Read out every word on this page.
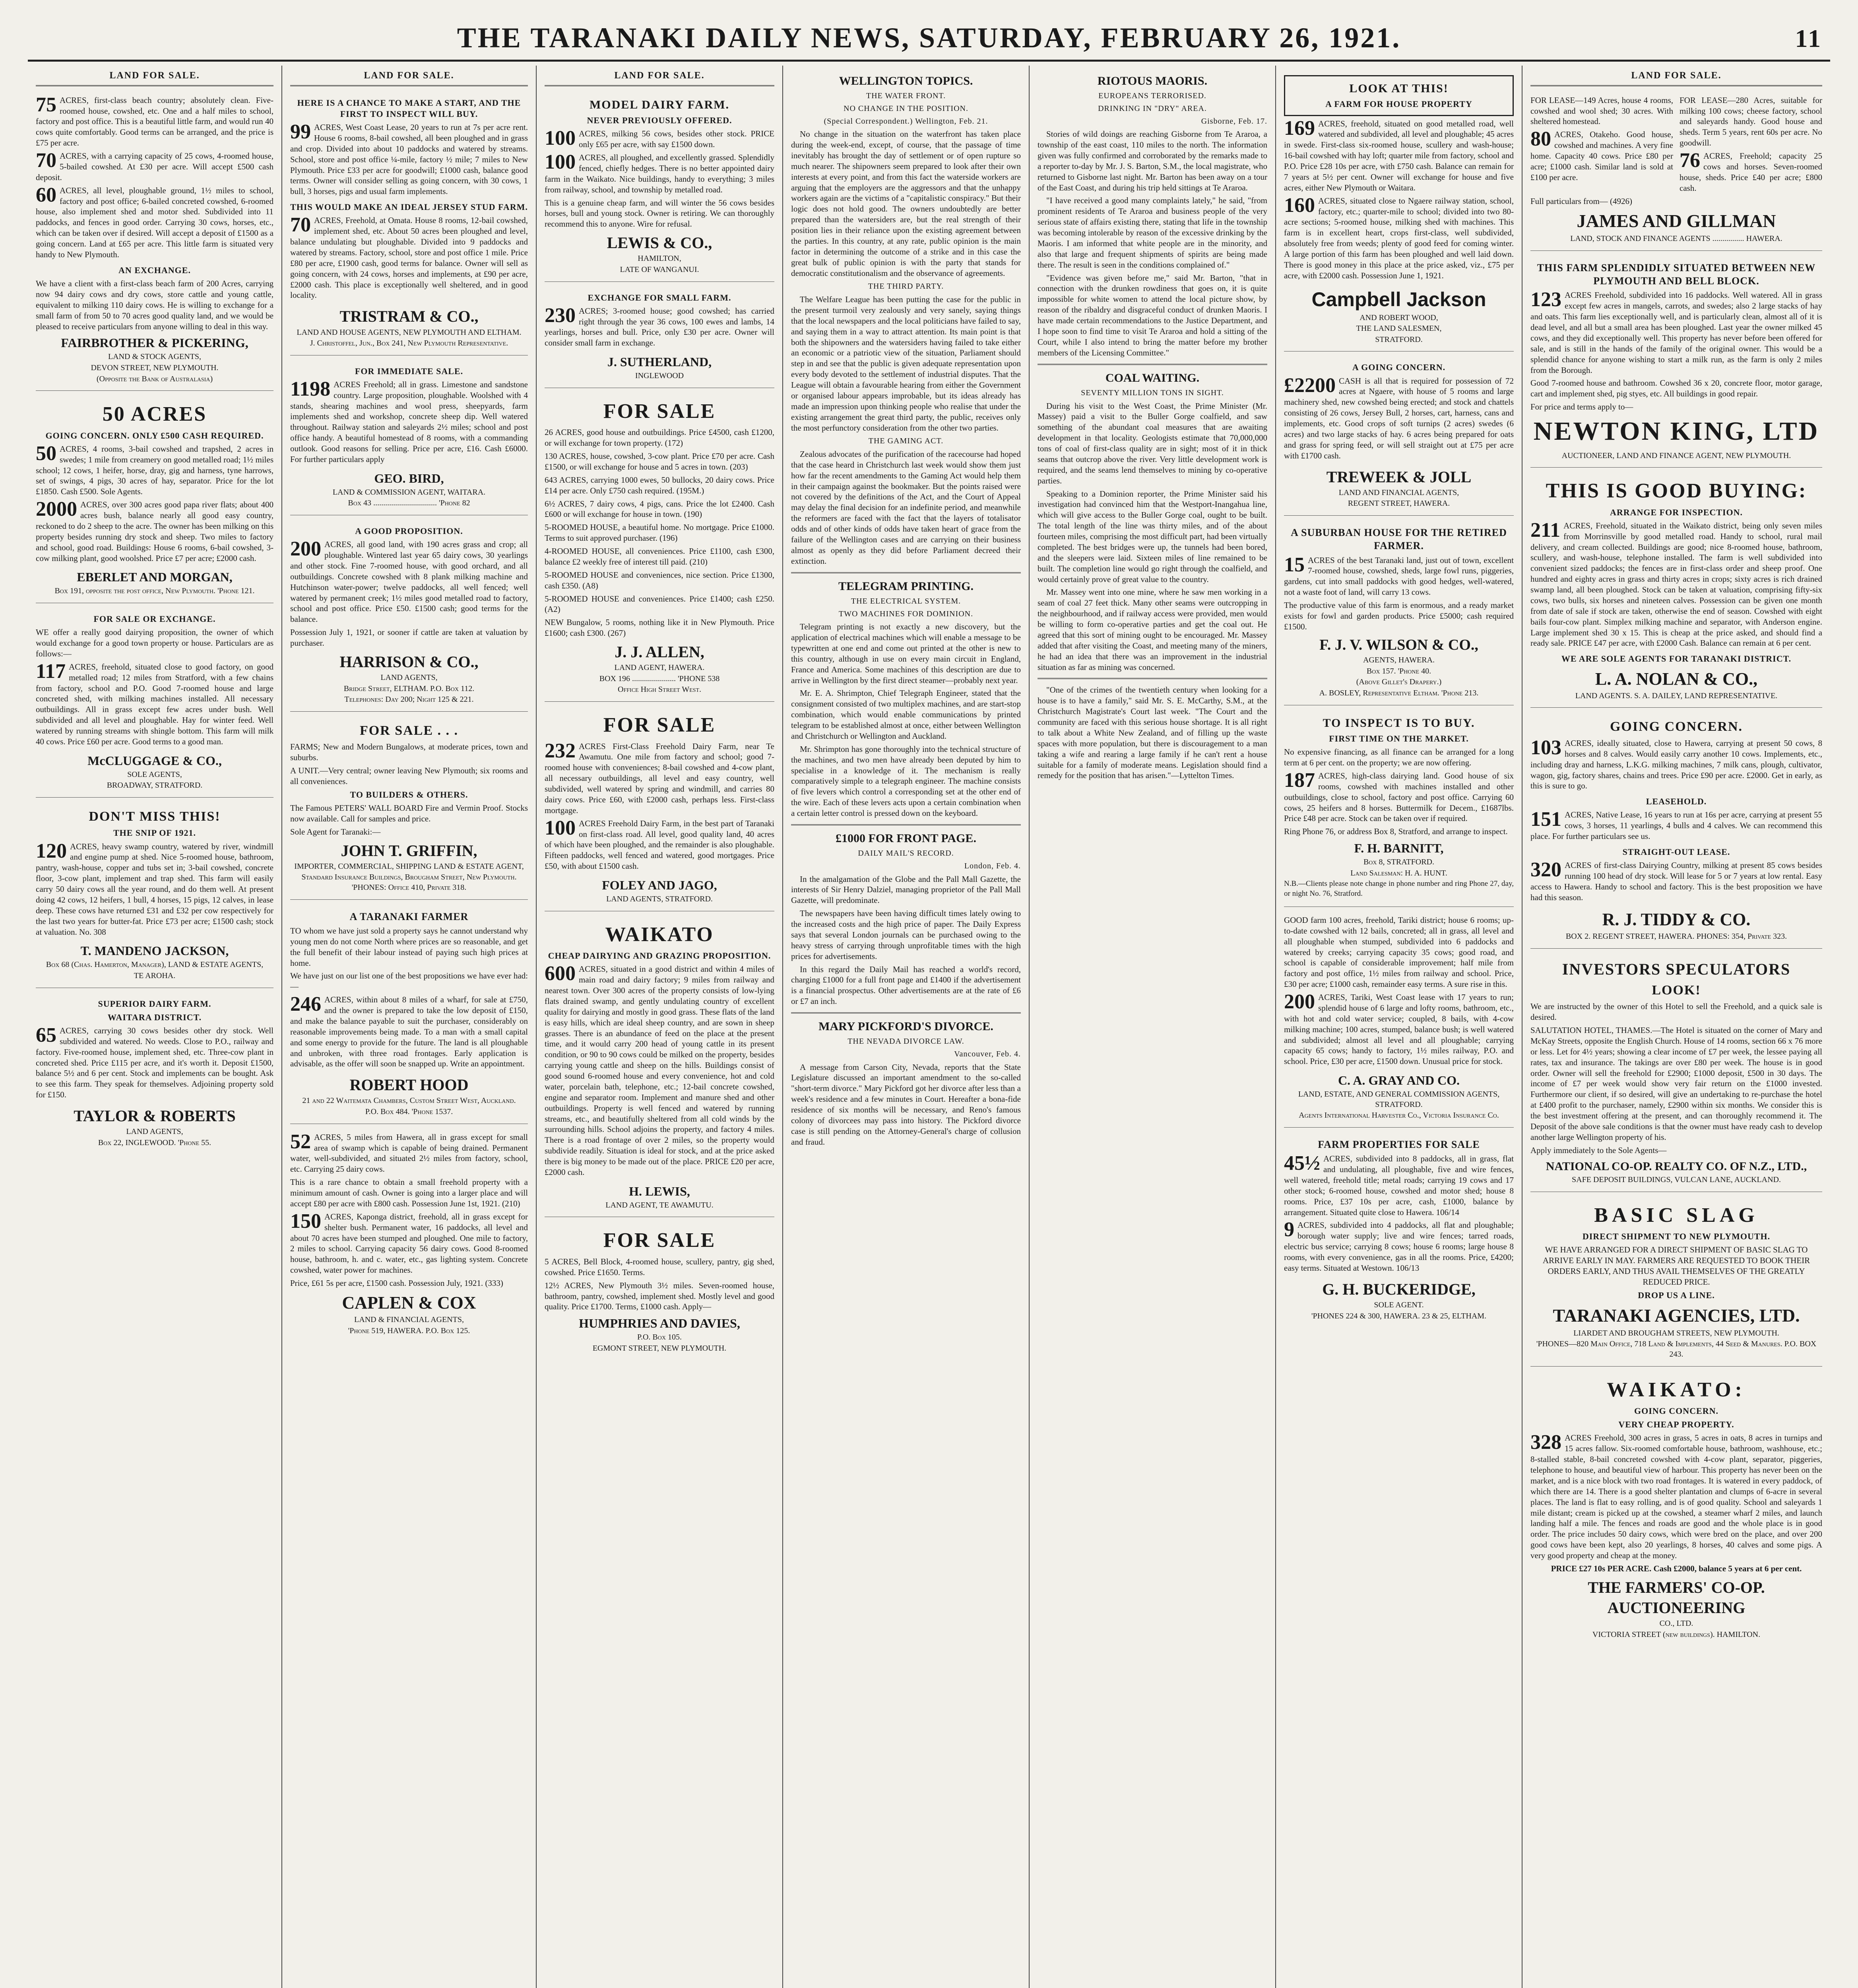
THE TARANAKI DAILY NEWS, SATURDAY, FEBRUARY 26, 1921.	11
LAND FOR SALE.

75 ACRES, first-class beach country; absolutely clean. Five-roomed house, cowshed, etc. One and a half miles to school, factory and post office. This is a beautiful little farm, and would run 40 cows quite comfortably. Good terms can be arranged, and the price is £75 per acre.

70 ACRES, with a carrying capacity of 25 cows, 4-roomed house, 5-bailed cowshed. At £30 per acre. Will accept £500 cash deposit.

60 ACRES, all level, ploughable ground, 1½ miles to school, factory and post office; 6-bailed concreted cowshed, 6-roomed house, also implement shed and motor shed. Subdivided into 11 paddocks, and fences in good order. Carrying 30 cows, horses, etc., which can be taken over if desired. Will accept a deposit of £1500 as a going concern. Land at £65 per acre. This little farm is situated very handy to New Plymouth.

AN EXCHANGE.

We have a client with a first-class beach farm of 200 Acres, carrying now 94 dairy cows and dry cows, store cattle and young cattle, equivalent to milking 110 dairy cows. He is willing to exchange for a small farm of from 50 to 70 acres good quality land, and we would be pleased to receive particulars from anyone willing to deal in this way.

FAIRBROTHER & PICKERING,
LAND & STOCK AGENTS,
DEVON STREET, NEW PLYMOUTH.
(Opposite the Bank of Australasia)
50 ACRES
GOING CONCERN. ONLY £500 CASH REQUIRED.

50 ACRES, 4 rooms, 3-bail cowshed and trapshed, 2 acres in swedes; 1 mile from creamery on good metalled road; 1½ miles school; 12 cows, 1 heifer, horse, dray, gig and harness, tyne harrows, set of swings, 4 pigs, 30 acres of hay, separator. Price for the lot £1850. Cash £500. Sole Agents.

2000 ACRES, over 300 acres good papa river flats; about 400 acres bush, balance nearly all good easy country, reckoned to do 2 sheep to the acre. The owner has been milking on this property besides running dry stock and sheep. Two miles to factory and school, good road. Buildings: House 6 rooms, 6-bail cowshed, 3-cow milking plant, good woolshed. Price £7 per acre; £2000 cash.

EBERLET AND MORGAN,
Box 191, opposite the post office, New Plymouth. 'Phone 121.
FOR SALE OR EXCHANGE.

WE offer a really good dairying proposition, the owner of which would exchange for a good town property or house. Particulars are as follows:—

117 ACRES, freehold, situated close to good factory, on good metalled road; 12 miles from Stratford, with a few chains from factory, school and P.O. Good 7-roomed house and large concreted shed, with milking machines installed. All necessary outbuildings. All in grass except few acres under bush. Well subdivided and all level and ploughable. Hay for winter feed. Well watered by running streams with shingle bottom. This farm will milk 40 cows. Price £60 per acre. Good terms to a good man.

McCLUGGAGE & CO.,
SOLE AGENTS,
BROADWAY, STRATFORD.
DON'T MISS THIS!
THE SNIP OF 1921.

120 ACRES, heavy swamp country, watered by river, windmill and engine pump at shed. Nice 5-roomed house, bathroom, pantry, wash-house, copper and tubs set in; 3-bail cowshed, concrete floor, 3-cow plant, implement and trap shed. This farm will easily carry 50 dairy cows all the year round, and do them well. At present doing 42 cows, 12 heifers, 1 bull, 4 horses, 15 pigs, 12 calves, in lease deep. These cows have returned £31 and £32 per cow respectively for the last two years for butter-fat. Price £73 per acre; £1500 cash; stock at valuation. No. 308

T. MANDENO JACKSON,
Box 68 (Chas. Hamerton, Manager), LAND & ESTATE AGENTS,
TE AROHA.
SUPERIOR DAIRY FARM.
WAITARA DISTRICT.

65 ACRES, carrying 30 cows besides other dry stock. Well subdivided and watered. No weeds. Close to P.O., railway and factory. Five-roomed house, implement shed, etc. Three-cow plant in concreted shed. Price £115 per acre, and it's worth it. Deposit £1500, balance 5½ and 6 per cent. Stock and implements can be bought. Ask to see this farm. They speak for themselves. Adjoining property sold for £150.

TAYLOR & ROBERTS
LAND AGENTS,
Box 22, INGLEWOOD. 'Phone 55.
LAND FOR SALE.
HERE IS A CHANCE TO MAKE A START, AND THE FIRST TO INSPECT WILL BUY.

99 ACRES, West Coast Lease, 20 years to run at 7s per acre rent. House 6 rooms, 8-bail cowshed, all been ploughed and in grass and crop. Divided into about 10 paddocks and watered by streams. School, store and post office ¼-mile, factory ½ mile; 7 miles to New Plymouth. Price £33 per acre for goodwill; £1000 cash, balance good terms. Owner will consider selling as going concern, with 30 cows, 1 bull, 3 horses, pigs and usual farm implements.

THIS WOULD MAKE AN IDEAL JERSEY STUD FARM.

70 ACRES, Freehold, at Omata. House 8 rooms, 12-bail cowshed, implement shed, etc. About 50 acres been ploughed and level, balance undulating but ploughable. Divided into 9 paddocks and watered by streams. Factory, school, store and post office 1 mile. Price £80 per acre, £1900 cash, good terms for balance. Owner will sell as going concern, with 24 cows, horses and implements, at £90 per acre, £2000 cash. This place is exceptionally well sheltered, and in good locality.

TRISTRAM & CO.,
LAND AND HOUSE AGENTS, NEW PLYMOUTH AND ELTHAM.
J. Christoffel, Jun., Box 241, New Plymouth Representative.
FOR IMMEDIATE SALE.

1198 ACRES Freehold; all in grass. Limestone and sandstone country. Large proposition, ploughable. Woolshed with 4 stands, shearing machines and wool press, sheepyards, farm implements shed and workshop, concrete sheep dip. Well watered throughout. Railway station and saleyards 2½ miles; school and post office handy. A beautiful homestead of 8 rooms, with a commanding outlook. Good reasons for selling. Price per acre, £16. Cash £6000. For further particulars apply

GEO. BIRD,
LAND & COMMISSION AGENT, WAITARA.
Box 43 ................................ 'Phone 82
A GOOD PROPOSITION.

200 ACRES, all good land, with 190 acres grass and crop; all ploughable. Wintered last year 65 dairy cows, 30 yearlings and other stock. Fine 7-roomed house, with good orchard, and all outbuildings. Concrete cowshed with 8 plank milking machine and Hutchinson water-power; twelve paddocks, all well fenced; well watered by permanent creek; 1½ miles good metalled road to factory, school and post office. Price £50. £1500 cash; good terms for the balance.

Possession July 1, 1921, or sooner if cattle are taken at valuation by purchaser.

HARRISON & CO.,
LAND AGENTS,
Bridge Street, ELTHAM. P.O. Box 112.
Telephones: Day 200; Night 125 & 221.
FOR SALE . . .

FARMS; New and Modern Bungalows, at moderate prices, town and suburbs.

A UNIT.—Very central; owner leaving New Plymouth; six rooms and all conveniences.

TO BUILDERS & OTHERS.

The Famous PETERS' WALL BOARD Fire and Vermin Proof. Stocks now available. Call for samples and price.

Sole Agent for Taranaki:—

JOHN T. GRIFFIN,
IMPORTER, COMMERCIAL, SHIPPING LAND & ESTATE AGENT,
Standard Insurance Buildings, Brougham Street, New Plymouth. 'PHONES: Office 410, Private 318.
A TARANAKI FARMER

TO whom we have just sold a property says he cannot understand why young men do not come North where prices are so reasonable, and get the full benefit of their labour instead of paying such high prices at home.

We have just on our list one of the best propositions we have ever had:—

246 ACRES, within about 8 miles of a wharf, for sale at £750, and the owner is prepared to take the low deposit of £150, and make the balance payable to suit the purchaser, considerably on reasonable improvements being made. To a man with a small capital and some energy to provide for the future. The land is all ploughable and unbroken, with three road frontages. Early application is advisable, as the offer will soon be snapped up. Write an appointment.

ROBERT HOOD
21 and 22 Waitemata Chambers, Custom Street West, Auckland.
P.O. Box 484. 'Phone 1537.

52 ACRES, 5 miles from Hawera, all in grass except for small area of swamp which is capable of being drained. Permanent water, well-subdivided, and situated 2½ miles from factory, school, etc. Carrying 25 dairy cows.

This is a rare chance to obtain a small freehold property with a minimum amount of cash. Owner is going into a larger place and will accept £80 per acre with £800 cash. Possession June 1st, 1921. (210)

150 ACRES, Kaponga district, freehold, all in grass except for shelter bush. Permanent water, 16 paddocks, all level and about 70 acres have been stumped and ploughed. One mile to factory, 2 miles to school. Carrying capacity 56 dairy cows. Good 8-roomed house, bathroom, h. and c. water, etc., gas lighting system. Concrete cowshed, water power for machines.

Price, £61 5s per acre, £1500 cash. Possession July, 1921. (333)

CAPLEN & COX
LAND & FINANCIAL AGENTS,
'Phone 519, HAWERA. P.O. Box 125.
LAND FOR SALE.
MODEL DAIRY FARM.
NEVER PREVIOUSLY OFFERED.

100 ACRES, milking 56 cows, besides other stock. PRICE only £65 per acre, with say £1500 down.

100 ACRES, all ploughed, and excellently grassed. Splendidly fenced, chiefly hedges. There is no better appointed dairy farm in the Waikato. Nice buildings, handy to everything; 3 miles from railway, school, and township by metalled road.

This is a genuine cheap farm, and will winter the 56 cows besides horses, bull and young stock. Owner is retiring. We can thoroughly recommend this to anyone. Wire for refusal.

LEWIS & CO.,
HAMILTON,
LATE OF WANGANUI.
EXCHANGE FOR SMALL FARM.

230 ACRES; 3-roomed house; good cowshed; has carried right through the year 36 cows, 100 ewes and lambs, 14 yearlings, horses and bull. Price, only £30 per acre. Owner will consider small farm in exchange.

J. SUTHERLAND,
INGLEWOOD
FOR SALE

26 ACRES, good house and outbuildings. Price £4500, cash £1200, or will exchange for town property. (172)

130 ACRES, house, cowshed, 3-cow plant. Price £70 per acre. Cash £1500, or will exchange for house and 5 acres in town. (203)

643 ACRES, carrying 1000 ewes, 50 bullocks, 20 dairy cows. Price £14 per acre. Only £750 cash required. (195M.)

6½ ACRES, 7 dairy cows, 4 pigs, cans. Price the lot £2400. Cash £600 or will exchange for house in town. (190)

5-ROOMED HOUSE, a beautiful home. No mortgage. Price £1000. Terms to suit approved purchaser. (196)

4-ROOMED HOUSE, all conveniences. Price £1100, cash £300, balance £2 weekly free of interest till paid. (210)

5-ROOMED HOUSE and conveniences, nice section. Price £1300, cash £350. (A8)

5-ROOMED HOUSE and conveniences. Price £1400; cash £250. (A2)

NEW Bungalow, 5 rooms, nothing like it in New Plymouth. Price £1600; cash £300. (267)

J. J. ALLEN,
LAND AGENT, HAWERA.
BOX 196 ...................... 'PHONE 538
Office High Street West.
FOR SALE

232 ACRES First-Class Freehold Dairy Farm, near Te Awamutu. One mile from factory and school; good 7-roomed house with conveniences; 8-bail cowshed and 4-cow plant, all necessary outbuildings, all level and easy country, well subdivided, well watered by spring and windmill, and carries 80 dairy cows. Price £60, with £2000 cash, perhaps less. First-class mortgage.

100 ACRES Freehold Dairy Farm, in the best part of Taranaki on first-class road. All level, good quality land, 40 acres of which have been ploughed, and the remainder is also ploughable. Fifteen paddocks, well fenced and watered, good mortgages. Price £50, with about £1500 cash.

FOLEY AND JAGO,
LAND AGENTS, STRATFORD.
WAIKATO
CHEAP DAIRYING AND GRAZING PROPOSITION.

600 ACRES, situated in a good district and within 4 miles of main road and dairy factory; 9 miles from railway and nearest town. Over 300 acres of the property consists of low-lying flats drained swamp, and gently undulating country of excellent quality for dairying and mostly in good grass. These flats of the land is easy hills, which are ideal sheep country, and are sown in sheep grasses. There is an abundance of feed on the place at the present time, and it would carry 200 head of young cattle in its present condition, or 90 to 90 cows could be milked on the property, besides carrying young cattle and sheep on the hills. Buildings consist of good sound 6-roomed house and every convenience, hot and cold water, porcelain bath, telephone, etc.; 12-bail concrete cowshed, engine and separator room. Implement and manure shed and other outbuildings. Property is well fenced and watered by running streams, etc., and beautifully sheltered from all cold winds by the surrounding hills. School adjoins the property, and factory 4 miles. There is a road frontage of over 2 miles, so the property would subdivide readily. Situation is ideal for stock, and at the price asked there is big money to be made out of the place. PRICE £20 per acre, £2000 cash.

H. LEWIS,
LAND AGENT, TE AWAMUTU.
FOR SALE

5 ACRES, Bell Block, 4-roomed house, scullery, pantry, gig shed, cowshed. Price £1650. Terms.

12½ ACRES, New Plymouth 3½ miles. Seven-roomed house, bathroom, pantry, cowshed, implement shed. Mostly level and good quality. Price £1700. Terms, £1000 cash. Apply—

HUMPHRIES AND DAVIES,
P.O. Box 105.
EGMONT STREET, NEW PLYMOUTH.
WELLINGTON TOPICS.
THE WATER FRONT.
NO CHANGE IN THE POSITION.
(Special Correspondent.) Wellington, Feb. 21.

No change in the situation on the waterfront has taken place during the week-end, except, of course, that the passage of time inevitably has brought the day of settlement or of open rupture so much nearer. The shipowners seem prepared to look after their own interests at every point, and from this fact the waterside workers are arguing that the employers are the aggressors and that the unhappy workers again are the victims of a "capitalistic conspiracy." But their logic does not hold good. The owners undoubtedly are better prepared than the watersiders are, but the real strength of their position lies in their reliance upon the existing agreement between the parties. In this country, at any rate, public opinion is the main factor in determining the outcome of a strike and in this case the great bulk of public opinion is with the party that stands for democratic constitutionalism and the observance of agreements.

THE THIRD PARTY.

The Welfare League has been putting the case for the public in the present turmoil very zealously and very sanely, saying things that the local newspapers and the local politicians have failed to say, and saying them in a way to attract attention. Its main point is that both the shipowners and the watersiders having failed to take either an economic or a patriotic view of the situation, Parliament should step in and see that the public is given adequate representation upon every body devoted to the settlement of industrial disputes. That the League will obtain a favourable hearing from either the Government or organised labour appears improbable, but its ideas already has made an impression upon thinking people who realise that under the existing arrangement the great third party, the public, receives only the most perfunctory consideration from the other two parties.

THE GAMING ACT.

Zealous advocates of the purification of the racecourse had hoped that the case heard in Christchurch last week would show them just how far the recent amendments to the Gaming Act would help them in their campaign against the bookmaker. But the points raised were not covered by the definitions of the Act, and the Court of Appeal may delay the final decision for an indefinite period, and meanwhile the reformers are faced with the fact that the layers of totalisator odds and of other kinds of odds have taken heart of grace from the failure of the Wellington cases and are carrying on their business almost as openly as they did before Parliament decreed their extinction.

TELEGRAM PRINTING.
THE ELECTRICAL SYSTEM.
TWO MACHINES FOR DOMINION.

Telegram printing is not exactly a new discovery, but the application of electrical machines which will enable a message to be typewritten at one end and come out printed at the other is new to this country, although in use on every main circuit in England, France and America. Some machines of this description are due to arrive in Wellington by the first direct steamer—probably next year.

Mr. E. A. Shrimpton, Chief Telegraph Engineer, stated that the consignment consisted of two multiplex machines, and are start-stop combination, which would enable communications by printed telegram to be established almost at once, either between Wellington and Christchurch or Wellington and Auckland.

Mr. Shrimpton has gone thoroughly into the technical structure of the machines, and two men have already been deputed by him to specialise in a knowledge of it. The mechanism is really comparatively simple to a telegraph engineer. The machine consists of five levers which control a corresponding set at the other end of the wire. Each of these levers acts upon a certain combination when a certain letter control is pressed down on the keyboard.

£1000 FOR FRONT PAGE.
DAILY MAIL'S RECORD.
London, Feb. 4.

In the amalgamation of the Globe and the Pall Mall Gazette, the interests of Sir Henry Dalziel, managing proprietor of the Pall Mall Gazette, will predominate.

The newspapers have been having difficult times lately owing to the increased costs and the high price of paper. The Daily Express says that several London journals can be purchased owing to the heavy stress of carrying through unprofitable times with the high prices for advertisements.

In this regard the Daily Mail has reached a world's record, charging £1000 for a full front page and £1400 if the advertisement is a financial prospectus. Other advertisements are at the rate of £6 or £7 an inch.

MARY PICKFORD'S DIVORCE.
THE NEVADA DIVORCE LAW.
Vancouver, Feb. 4.

A message from Carson City, Nevada, reports that the State Legislature discussed an important amendment to the so-called "short-term divorce." Mary Pickford got her divorce after less than a week's residence and a few minutes in Court. Hereafter a bona-fide residence of six months will be necessary, and Reno's famous colony of divorcees may pass into history. The Pickford divorce case is still pending on the Attorney-General's charge of collusion and fraud.

RIOTOUS MAORIS.
EUROPEANS TERRORISED.
DRINKING IN "DRY" AREA.
Gisborne, Feb. 17.

Stories of wild doings are reaching Gisborne from Te Araroa, a township of the east coast, 110 miles to the north. The information given was fully confirmed and corroborated by the remarks made to a reporter to-day by Mr. J. S. Barton, S.M., the local magistrate, who returned to Gisborne last night. Mr. Barton has been away on a tour of the East Coast, and during his trip held sittings at Te Araroa.

"I have received a good many complaints lately," he said, "from prominent residents of Te Araroa and business people of the very serious state of affairs existing there, stating that life in the township was becoming intolerable by reason of the excessive drinking by the Maoris. I am informed that white people are in the minority, and also that large and frequent shipments of spirits are being made there. The result is seen in the conditions complained of."

"Evidence was given before me," said Mr. Barton, "that in connection with the drunken rowdiness that goes on, it is quite impossible for white women to attend the local picture show, by reason of the ribaldry and disgraceful conduct of drunken Maoris. I have made certain recommendations to the Justice Department, and I hope soon to find time to visit Te Araroa and hold a sitting of the Court, while I also intend to bring the matter before my brother members of the Licensing Committee."

COAL WAITING.
SEVENTY MILLION TONS IN SIGHT.

During his visit to the West Coast, the Prime Minister (Mr. Massey) paid a visit to the Buller Gorge coalfield, and saw something of the abundant coal measures that are awaiting development in that locality. Geologists estimate that 70,000,000 tons of coal of first-class quality are in sight; most of it in thick seams that outcrop above the river. Very little development work is required, and the seams lend themselves to mining by co-operative parties.

Speaking to a Dominion reporter, the Prime Minister said his investigation had convinced him that the Westport-Inangahua line, which will give access to the Buller Gorge coal, ought to be built. The total length of the line was thirty miles, and of the about fourteen miles, comprising the most difficult part, had been virtually completed. The best bridges were up, the tunnels had been bored, and the sleepers were laid. Sixteen miles of line remained to be built. The completion line would go right through the coalfield, and would certainly prove of great value to the country.

Mr. Massey went into one mine, where he saw men working in a seam of coal 27 feet thick. Many other seams were outcropping in the neighbourhood, and if railway access were provided, men would be willing to form co-operative parties and get the coal out. He agreed that this sort of mining ought to be encouraged. Mr. Massey added that after visiting the Coast, and meeting many of the miners, he had an idea that there was an improvement in the industrial situation as far as mining was concerned.

"One of the crimes of the twentieth century when looking for a house is to have a family," said Mr. S. E. McCarthy, S.M., at the Christchurch Magistrate's Court last week. "The Court and the community are faced with this serious house shortage. It is all right to talk about a White New Zealand, and of filling up the waste spaces with more population, but there is discouragement to a man taking a wife and rearing a large family if he can't rent a house suitable for a family of moderate means. Legislation should find a remedy for the position that has arisen."—Lyttelton Times.

LOOK AT THIS!
A FARM FOR HOUSE PROPERTY

169 ACRES, freehold, situated on good metalled road, well watered and subdivided, all level and ploughable; 45 acres in swede. First-class six-roomed house, scullery and wash-house; 16-bail cowshed with hay loft; quarter mile from factory, school and P.O. Price £28 10s per acre, with £750 cash. Balance can remain for 7 years at 5½ per cent. Owner will exchange for house and five acres, either New Plymouth or Waitara.

160 ACRES, situated close to Ngaere railway station, school, factory, etc.; quarter-mile to school; divided into two 80-acre sections; 5-roomed house, milking shed with machines. This farm is in excellent heart, crops first-class, well subdivided, absolutely free from weeds; plenty of good feed for coming winter. A large portion of this farm has been ploughed and well laid down. There is good money in this place at the price asked, viz., £75 per acre, with £2000 cash. Possession June 1, 1921.

Campbell Jackson
AND ROBERT WOOD,
THE LAND SALESMEN,
STRATFORD.
A GOING CONCERN.

£2200 CASH is all that is required for possession of 72 acres at Ngaere, with house of 5 rooms and large machinery shed, new cowshed being erected; and stock and chattels consisting of 26 cows, Jersey Bull, 2 horses, cart, harness, cans and implements, etc. Good crops of soft turnips (2 acres) swedes (6 acres) and two large stacks of hay. 6 acres being prepared for oats and grass for spring feed, or will sell straight out at £75 per acre with £1700 cash.

TREWEEK & JOLL
LAND AND FINANCIAL AGENTS,
REGENT STREET, HAWERA.
A SUBURBAN HOUSE FOR THE RETIRED FARMER.

15 ACRES of the best Taranaki land, just out of town, excellent 7-roomed house, cowshed, sheds, large fowl runs, piggeries, gardens, cut into small paddocks with good hedges, well-watered, not a waste foot of land, will carry 13 cows.

The productive value of this farm is enormous, and a ready market exists for fowl and garden products. Price £5000; cash required £1500.

F. J. V. WILSON & CO.,
AGENTS, HAWERA.
Box 157. 'Phone 40.
(Above Gillet's Drapery.)
A. BOSLEY, Representative Eltham. 'Phone 213.
TO INSPECT IS TO BUY.
FIRST TIME ON THE MARKET.

No expensive financing, as all finance can be arranged for a long term at 6 per cent. on the property; we are now offering.

187 ACRES, high-class dairying land. Good house of six rooms, cowshed with machines installed and other outbuildings, close to school, factory and post office. Carrying 60 cows, 25 heifers and 8 horses. Buttermilk for Decem., £1687lbs. Price £48 per acre. Stock can be taken over if required.

Ring Phone 76, or address Box 8, Stratford, and arrange to inspect.

F. H. BARNITT,
Box 8, STRATFORD.
Land Salesman: H. A. HUNT.

N.B.—Clients please note change in phone number and ring Phone 27, day, or night No. 76, Stratford.

GOOD farm 100 acres, freehold, Tariki district; house 6 rooms; up-to-date cowshed with 12 bails, concreted; all in grass, all level and all ploughable when stumped, subdivided into 6 paddocks and watered by creeks; carrying capacity 35 cows; good road, and school is capable of considerable improvement; half mile from factory and post office, 1½ miles from railway and school. Price, £30 per acre; £1000 cash, remainder easy terms. A sure rise in this.

200 ACRES, Tariki, West Coast lease with 17 years to run; splendid house of 6 large and lofty rooms, bathroom, etc., with hot and cold water service; coupled, 8 bails, with 4-cow milking machine; 100 acres, stumped, balance bush; is well watered and subdivided; almost all level and all ploughable; carrying capacity 65 cows; handy to factory, 1½ miles railway, P.O. and school. Price, £30 per acre, £1500 down. Unusual price for stock.

C. A. GRAY AND CO.
LAND, ESTATE, AND GENERAL COMMISSION AGENTS, STRATFORD.
Agents International Harvester Co., Victoria Insurance Co.
FARM PROPERTIES FOR SALE

45½ ACRES, subdivided into 8 paddocks, all in grass, flat and undulating, all ploughable, five and wire fences, well watered, freehold title; metal roads; carrying 19 cows and 17 other stock; 6-roomed house, cowshed and motor shed; house 8 rooms. Price, £37 10s per acre, cash, £1000, balance by arrangement. Situated quite close to Hawera. 106/14

9 ACRES, subdivided into 4 paddocks, all flat and ploughable; borough water supply; live and wire fences; tarred roads, electric bus service; carrying 8 cows; house 6 rooms; large house 8 rooms, with every convenience, gas in all the rooms. Price, £4200; easy terms. Situated at Westown. 106/13

G. H. BUCKERIDGE,
SOLE AGENT.
'PHONES 224 & 300, HAWERA. 23 & 25, ELTHAM.
LAND FOR SALE.

FOR LEASE—149 Acres, house 4 rooms, cowshed and wool shed; 30 acres. With sheltered homestead.

80 ACRES, Otakeho. Good house, cowshed and machines. A very fine home. Capacity 40 cows. Price £80 per acre; £1000 cash. Similar land is sold at £100 per acre.

FOR LEASE—280 Acres, suitable for milking 100 cows; cheese factory, school and saleyards handy. Good house and sheds. Term 5 years, rent 60s per acre. No goodwill.

76 ACRES, Freehold; capacity 25 cows and horses. Seven-roomed house, sheds. Price £40 per acre; £800 cash.

Full particulars from— (4926)

JAMES AND GILLMAN
LAND, STOCK AND FINANCE AGENTS ................ HAWERA.
THIS FARM SPLENDIDLY SITUATED BETWEEN NEW PLYMOUTH AND BELL BLOCK.

123 ACRES Freehold, subdivided into 16 paddocks. Well watered. All in grass except few acres in mangels, carrots, and swedes; also 2 large stacks of hay and oats. This farm lies exceptionally well, and is particularly clean, almost all of it is dead level, and all but a small area has been ploughed. Last year the owner milked 45 cows, and they did exceptionally well. This property has never before been offered for sale, and is still in the hands of the family of the original owner. This would be a splendid chance for anyone wishing to start a milk run, as the farm is only 2 miles from the Borough.

Good 7-roomed house and bathroom. Cowshed 36 x 20, concrete floor, motor garage, cart and implement shed, pig styes, etc. All buildings in good repair.

For price and terms apply to—

NEWTON KING, LTD
AUCTIONEER, LAND AND FINANCE AGENT, NEW PLYMOUTH.
THIS IS GOOD BUYING:
ARRANGE FOR INSPECTION.

211 ACRES, Freehold, situated in the Waikato district, being only seven miles from Morrinsville by good metalled road. Handy to school, rural mail delivery, and cream collected. Buildings are good; nice 8-roomed house, bathroom, scullery, and wash-house, telephone installed. The farm is well subdivided into convenient sized paddocks; the fences are in first-class order and sheep proof. One hundred and eighty acres in grass and thirty acres in crops; sixty acres is rich drained swamp land, all been ploughed. Stock can be taken at valuation, comprising fifty-six cows, two bulls, six horses and nineteen calves. Possession can be given one month from date of sale if stock are taken, otherwise the end of season. Cowshed with eight bails four-cow plant. Simplex milking machine and separator, with Anderson engine. Large implement shed 30 x 15. This is cheap at the price asked, and should find a ready sale. PRICE £47 per acre, with £2000 Cash. Balance can remain at 6 per cent.

WE ARE SOLE AGENTS FOR TARANAKI DISTRICT.
L. A. NOLAN & CO.,
LAND AGENTS. S. A. DAILEY, LAND REPRESENTATIVE.
GOING CONCERN.

103 ACRES, ideally situated, close to Hawera, carrying at present 50 cows, 8 horses and 8 calves. Would easily carry another 10 cows. Implements, etc., including dray and harness, L.K.G. milking machines, 7 milk cans, plough, cultivator, wagon, gig, factory shares, chains and trees. Price £90 per acre. £2000. Get in early, as this is sure to go.

LEASEHOLD.

151 ACRES, Native Lease, 16 years to run at 16s per acre, carrying at present 55 cows, 3 horses, 11 yearlings, 4 bulls and 4 calves. We can recommend this place. For further particulars see us.

STRAIGHT-OUT LEASE.

320 ACRES of first-class Dairying Country, milking at present 85 cows besides running 100 head of dry stock. Will lease for 5 or 7 years at low rental. Easy access to Hawera. Handy to school and factory. This is the best proposition we have had this season.

R. J. TIDDY & CO.
BOX 2. REGENT STREET, HAWERA. PHONES: 354, Private 323.
INVESTORS SPECULATORS
LOOK!

We are instructed by the owner of this Hotel to sell the Freehold, and a quick sale is desired.

SALUTATION HOTEL, THAMES.—The Hotel is situated on the corner of Mary and McKay Streets, opposite the English Church. House of 14 rooms, section 66 x 76 more or less. Let for 4½ years; showing a clear income of £7 per week, the lessee paying all rates, tax and insurance. The takings are over £80 per week. The house is in good order. Owner will sell the freehold for £2900; £1000 deposit, £500 in 30 days. The income of £7 per week would show very fair return on the £1000 invested. Furthermore our client, if so desired, will give an undertaking to re-purchase the hotel at £400 profit to the purchaser, namely, £2900 within six months. We consider this is the best investment offering at the present, and can thoroughly recommend it. The Deposit of the above sale conditions is that the owner must have ready cash to develop another large Wellington property of his.

Apply immediately to the Sole Agents—

NATIONAL CO-OP. REALTY CO. OF N.Z., LTD.,
SAFE DEPOSIT BUILDINGS, VULCAN LANE, AUCKLAND.
BASIC SLAG
DIRECT SHIPMENT TO NEW PLYMOUTH.

WE HAVE ARRANGED FOR A DIRECT SHIPMENT OF BASIC SLAG TO ARRIVE EARLY IN MAY. FARMERS ARE REQUESTED TO BOOK THEIR ORDERS EARLY, AND THUS AVAIL THEMSELVES OF THE GREATLY REDUCED PRICE.

DROP US A LINE.
TARANAKI AGENCIES, LTD.
LIARDET AND BROUGHAM STREETS, NEW PLYMOUTH.
'PHONES—820 Main Office, 718 Land & Implements, 44 Seed & Manures. P.O. BOX 243.
WAIKATO:
GOING CONCERN.
VERY CHEAP PROPERTY.

328 ACRES Freehold, 300 acres in grass, 5 acres in oats, 8 acres in turnips and 15 acres fallow. Six-roomed comfortable house, bathroom, washhouse, etc.; 8-stalled stable, 8-bail concreted cowshed with 4-cow plant, separator, piggeries, telephone to house, and beautiful view of harbour. This property has never been on the market, and is a nice block with two road frontages. It is watered in every paddock, of which there are 14. There is a good shelter plantation and clumps of 6-acre in several places. The land is flat to easy rolling, and is of good quality. School and saleyards 1 mile distant; cream is picked up at the cowshed, a steamer wharf 2 miles, and launch landing half a mile. The fences and roads are good and the whole place is in good order. The price includes 50 dairy cows, which were bred on the place, and over 200 good cows have been kept, also 20 yearlings, 8 horses, 40 calves and some pigs. A very good property and cheap at the money.

PRICE £27 10s PER ACRE. Cash £2000, balance 5 years at 6 per cent.

THE FARMERS' CO-OP. AUCTIONEERING
CO., LTD.
VICTORIA STREET (new buildings). HAMILTON.
